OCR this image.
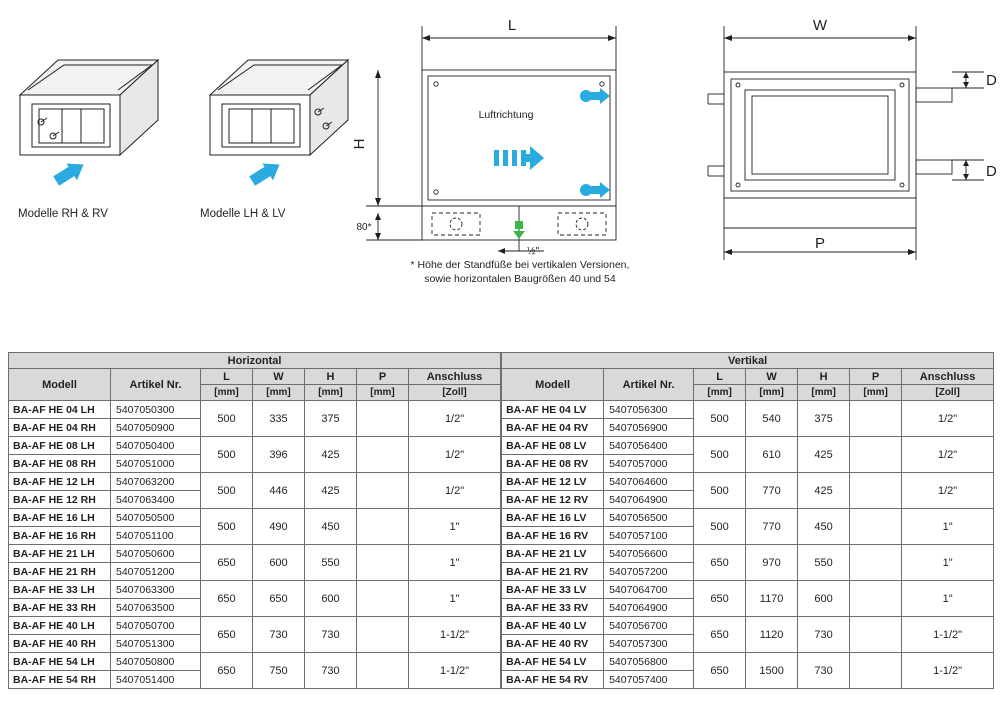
Modelle RH & RV	Modelle LH & LV
L
H
80*
Luftrichtung
½"
* Höhe der Standfüße bei vertikalen Versionen,
sowie horizontalen Baugrößen 40 und 54
W
P
D
D
Horizontal						
Modell	Artikel Nr.	L	W	H	P	Anschluss
		[mm]	[mm]	[mm]	[mm]	[Zoll]
BA-AF HE 04 LH	5407050300	500	335	375		1/2"
BA-AF HE 04 RH	5407050900					
BA-AF HE 08 LH	5407050400	500	396	425		1/2"
BA-AF HE 08 RH	5407051000					
BA-AF HE 12 LH	5407063200	500	446	425		1/2"
BA-AF HE 12 RH	5407063400					
BA-AF HE 16 LH	5407050500	500	490	450		1"
BA-AF HE 16 RH	5407051100					
BA-AF HE 21 LH	5407050600	650	600	550		1"
BA-AF HE 21 RH	5407051200					
BA-AF HE 33 LH	5407063300	650	650	600		1"
BA-AF HE 33 RH	5407063500					
BA-AF HE 40 LH	5407050700	650	730	730		1-1/2"
BA-AF HE 40 RH	5407051300					
BA-AF HE 54 LH	5407050800	650	750	730		1-1/2"
BA-AF HE 54 RH	5407051400					
Vertikal						
Modell	Artikel Nr.	L	W	H	P	Anschluss
		[mm]	[mm]	[mm]	[mm]	[Zoll]
BA-AF HE 04 LV	5407056300	500	540	375		1/2"
BA-AF HE 04 RV	5407056900					
BA-AF HE 08 LV	5407056400	500	610	425		1/2"
BA-AF HE 08 RV	5407057000					
BA-AF HE 12 LV	5407064600	500	770	425		1/2"
BA-AF HE 12 RV	5407064900					
BA-AF HE 16 LV	5407056500	500	770	450		1"
BA-AF HE 16 RV	5407057100					
BA-AF HE 21 LV	5407056600	650	970	550		1"
BA-AF HE 21 RV	5407057200					
BA-AF HE 33 LV	5407064700	650	1170	600		1"
BA-AF HE 33 RV	5407064900					
BA-AF HE 40 LV	5407056700	650	1120	730		1-1/2"
BA-AF HE 40 RV	5407057300					
BA-AF HE 54 LV	5407056800	650	1500	730		1-1/2"
BA-AF HE 54 RV	5407057400					
